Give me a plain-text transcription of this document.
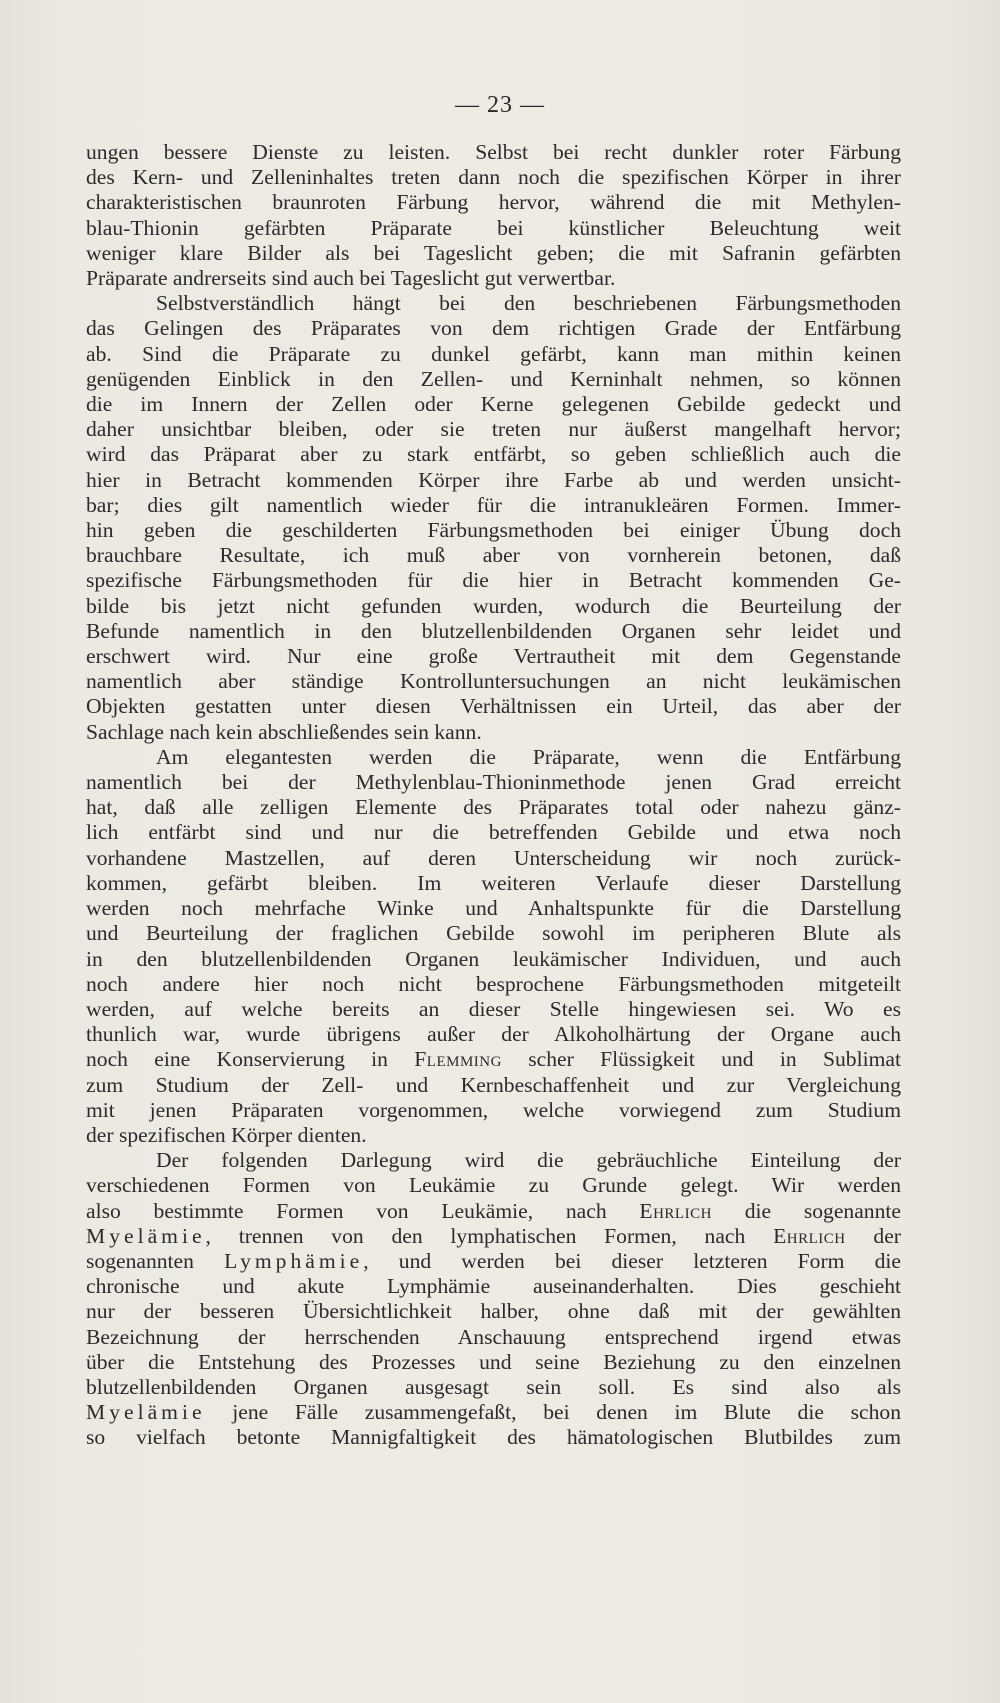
— 23 —

ungen bessere Dienste zu leisten. Selbst bei recht dunkler roter Färbung
des Kern- und Zelleninhaltes treten dann noch die spezifischen Körper in ihrer
charakteristischen braunroten Färbung hervor, während die mit Methylen-
blau-Thionin gefärbten Präparate bei künstlicher Beleuchtung weit
weniger klare Bilder als bei Tageslicht geben; die mit Safranin gefärbten
Präparate andrerseits sind auch bei Tageslicht gut verwertbar.

Selbstverständlich hängt bei den beschriebenen Färbungsmethoden
das Gelingen des Präparates von dem richtigen Grade der Entfärbung
ab. Sind die Präparate zu dunkel gefärbt, kann man mithin keinen
genügenden Einblick in den Zellen- und Kerninhalt nehmen, so können
die im Innern der Zellen oder Kerne gelegenen Gebilde gedeckt und
daher unsichtbar bleiben, oder sie treten nur äußerst mangelhaft hervor;
wird das Präparat aber zu stark entfärbt, so geben schließlich auch die
hier in Betracht kommenden Körper ihre Farbe ab und werden unsicht-
bar; dies gilt namentlich wieder für die intranukleären Formen. Immer-
hin geben die geschilderten Färbungsmethoden bei einiger Übung doch
brauchbare Resultate, ich muß aber von vornherein betonen, daß
spezifische Färbungsmethoden für die hier in Betracht kommenden Ge-
bilde bis jetzt nicht gefunden wurden, wodurch die Beurteilung der
Befunde namentlich in den blutzellenbildenden Organen sehr leidet und
erschwert wird. Nur eine große Vertrautheit mit dem Gegenstande
namentlich aber ständige Kontrolluntersuchungen an nicht leukämischen
Objekten gestatten unter diesen Verhältnissen ein Urteil, das aber der
Sachlage nach kein abschließendes sein kann.

Am elegantesten werden die Präparate, wenn die Entfärbung
namentlich bei der Methylenblau-Thioninmethode jenen Grad erreicht
hat, daß alle zelligen Elemente des Präparates total oder nahezu gänz-
lich entfärbt sind und nur die betreffenden Gebilde und etwa noch
vorhandene Mastzellen, auf deren Unterscheidung wir noch zurück-
kommen, gefärbt bleiben. Im weiteren Verlaufe dieser Darstellung
werden noch mehrfache Winke und Anhaltspunkte für die Darstellung
und Beurteilung der fraglichen Gebilde sowohl im peripheren Blute als
in den blutzellenbildenden Organen leukämischer Individuen, und auch
noch andere hier noch nicht besprochene Färbungsmethoden mitgeteilt
werden, auf welche bereits an dieser Stelle hingewiesen sei. Wo es
thunlich war, wurde übrigens außer der Alkoholhärtung der Organe auch
noch eine Konservierung in Flemming scher Flüssigkeit und in Sublimat
zum Studium der Zell- und Kernbeschaffenheit und zur Vergleichung
mit jenen Präparaten vorgenommen, welche vorwiegend zum Studium
der spezifischen Körper dienten.

Der folgenden Darlegung wird die gebräuchliche Einteilung der
verschiedenen Formen von Leukämie zu Grunde gelegt. Wir werden
also bestimmte Formen von Leukämie, nach Ehrlich die sogenannte
Myelämie, trennen von den lymphatischen Formen, nach Ehrlich der
sogenannten Lymphämie, und werden bei dieser letzteren Form die
chronische und akute Lymphämie auseinanderhalten. Dies geschieht
nur der besseren Übersichtlichkeit halber, ohne daß mit der gewählten
Bezeichnung der herrschenden Anschauung entsprechend irgend etwas
über die Entstehung des Prozesses und seine Beziehung zu den einzelnen
blutzellenbildenden Organen ausgesagt sein soll. Es sind also als
Myelämie jene Fälle zusammengefaßt, bei denen im Blute die schon
so vielfach betonte Mannigfaltigkeit des hämatologischen Blutbildes zum
